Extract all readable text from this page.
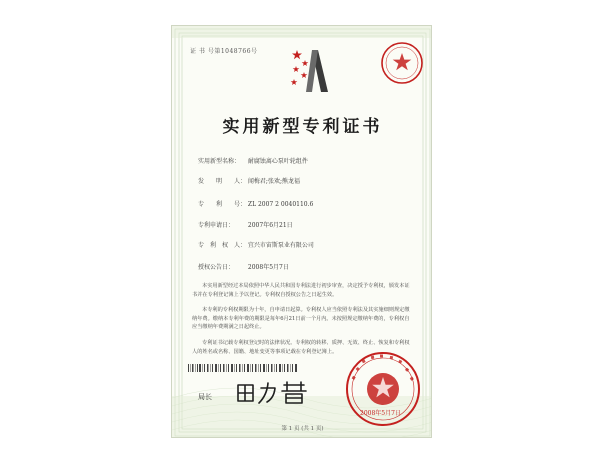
证 书 号第1048766号
实用新型专利证书
实用新型名称： 耐腐蚀离心泵叶轮组件
发　　明　　人： 闻梅君;张欢;熊龙福
专　　利　　号： ZL 2007 2 0040110.6
专利申请日： 2007年6月21日
专　利　权　人： 宜兴市宙斯泵业有限公司
授权公告日： 2008年5月7日
本实用新型经过本局依照中华人民共和国专利法进行初步审查，决定授予专利权，颁发本证书并在专利登记簿上予以登记。专利权自授权公告之日起生效。
本专利的专利权期限为十年，自申请日起算。专利权人应当依照专利法及其实施细则规定缴纳年费。缴纳本专利年费的期限是每年6月21日前一个月内。未按照规定缴纳年费的，专利权自应当缴纳年费期满之日起终止。
专利证书记载专利权登记时的法律状况。专利权的转移、质押、无效、终止、恢复和专利权人的姓名或名称、国籍、地址变更等事项记载在专利登记簿上。
局长
2008年5月7日
第 1 页 (共 1 页)
